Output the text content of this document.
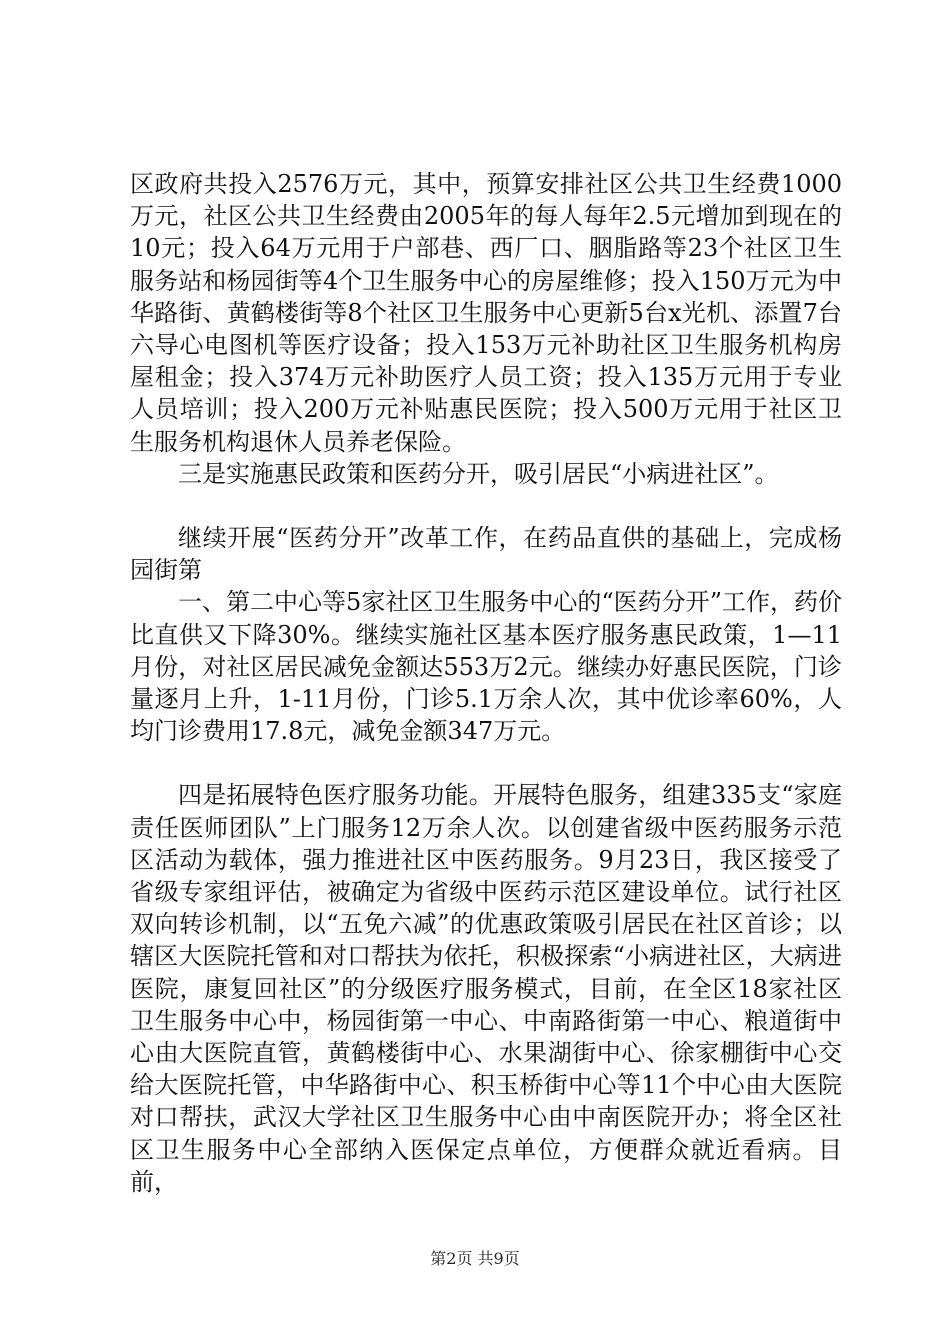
区政府共投入2576万元，其中，预算安排社区公共卫生经费1000万元，社区公共卫生经费由2005年的每人每年2.5元增加到现在的10元；投入64万元用于户部巷、西厂口、胭脂路等23个社区卫生服务站和杨园街等4个卫生服务中心的房屋维修；投入150万元为中华路街、黄鹤楼街等8个社区卫生服务中心更新5台x光机、添置7台六导心电图机等医疗设备；投入153万元补助社区卫生服务机构房屋租金；投入374万元补助医疗人员工资；投入135万元用于专业人员培训；投入200万元补贴惠民医院；投入500万元用于社区卫生服务机构退休人员养老保险。

三是实施惠民政策和医药分开，吸引居民“小病进社区”。

继续开展“医药分开”改革工作，在药品直供的基础上，完成杨园街第

一、第二中心等5家社区卫生服务中心的“医药分开”工作，药价比直供又下降30%。继续实施社区基本医疗服务惠民政策，1—11月份，对社区居民减免金额达553万2元。继续办好惠民医院，门诊量逐月上升，1-11月份，门诊5.1万余人次，其中优诊率60%，人均门诊费用17.8元，减免金额347万元。

四是拓展特色医疗服务功能。开展特色服务，组建335支“家庭责任医师团队”上门服务12万余人次。以创建省级中医药服务示范区活动为载体，强力推进社区中医药服务。9月23日，我区接受了省级专家组评估，被确定为省级中医药示范区建设单位。试行社区双向转诊机制，以“五免六减”的优惠政策吸引居民在社区首诊；以辖区大医院托管和对口帮扶为依托，积极探索“小病进社区，大病进医院，康复回社区”的分级医疗服务模式，目前，在全区18家社区卫生服务中心中，杨园街第一中心、中南路街第一中心、粮道街中心由大医院直管，黄鹤楼街中心、水果湖街中心、徐家棚街中心交给大医院托管，中华路街中心、积玉桥街中心等11个中心由大医院对口帮扶，武汉大学社区卫生服务中心由中南医院开办；将全区社区卫生服务中心全部纳入医保定点单位，方便群众就近看病。目前，

第2页 共9页
